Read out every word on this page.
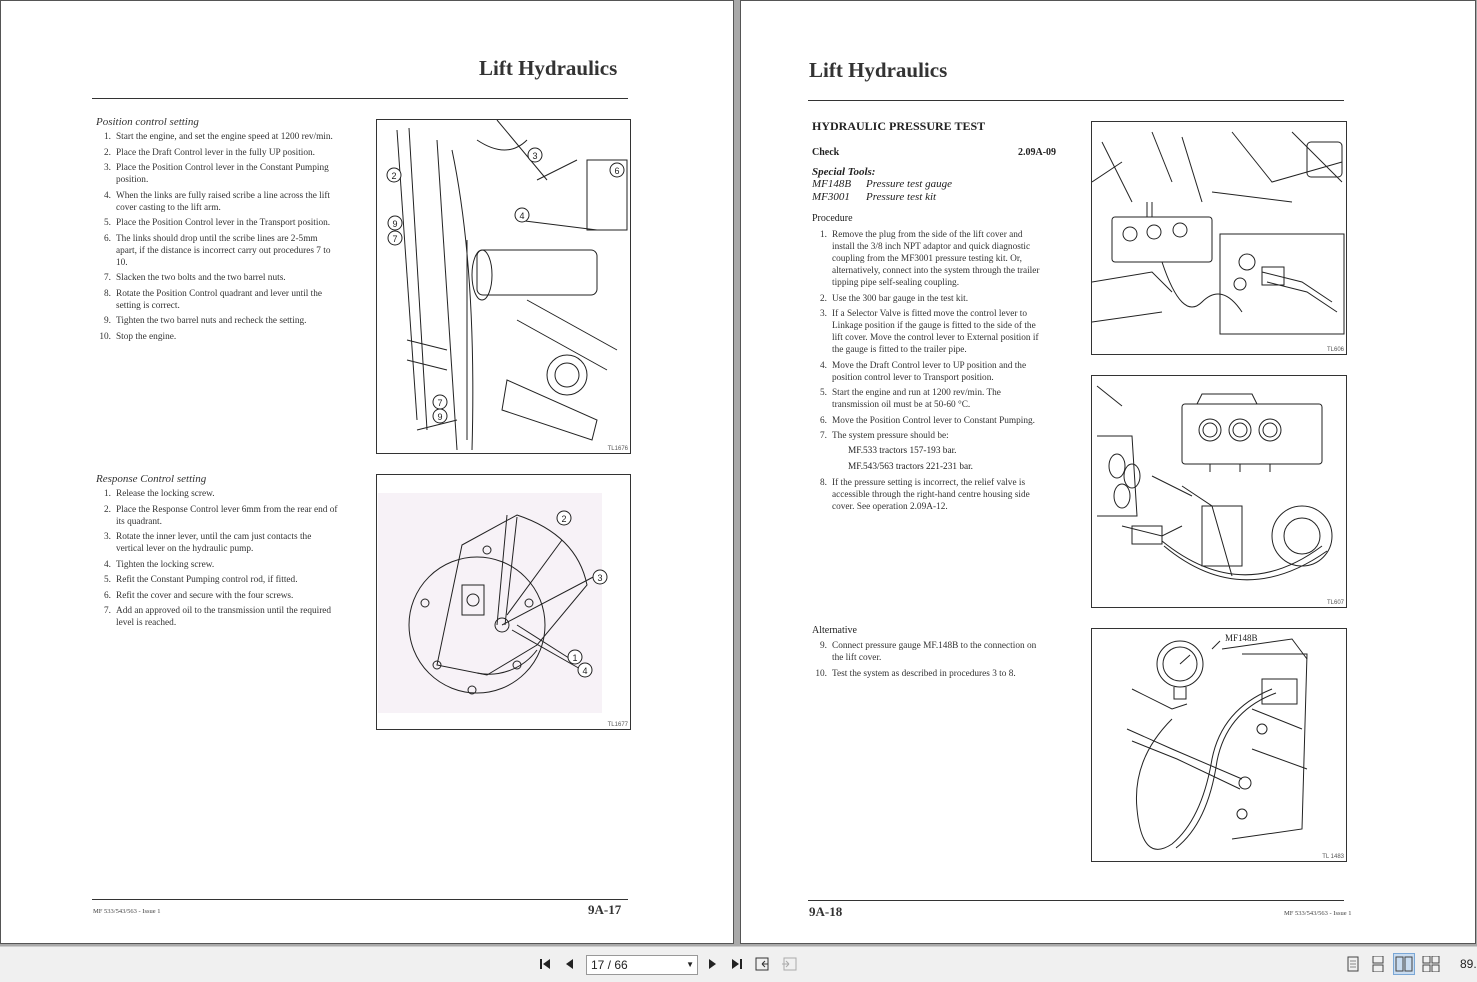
Lift Hydraulics
Position control setting
1. Start the engine, and set the engine speed at 1200 rev/min.
2. Place the Draft Control lever in the fully UP position.
3. Place the Position Control lever in the Constant Pumping position.
4. When the links are fully raised scribe a line across the lift cover casting to the lift arm.
5. Place the Position Control lever in the Transport position.
6. The links should drop until the scribe lines are 2-5mm apart, if the distance is incorrect carry out procedures 7 to 10.
7. Slacken the two bolts and the two barrel nuts.
8. Rotate the Position Control quadrant and lever until the setting is correct.
9. Tighten the two barrel nuts and recheck the setting.
10. Stop the engine.
Response Control setting
1. Release the locking screw.
2. Place the Response Control lever 6mm from the rear end of its quadrant.
3. Rotate the inner lever, until the cam just contacts the vertical lever on the hydraulic pump.
4. Tighten the locking screw.
5. Refit the Constant Pumping control rod, if fitted.
6. Refit the cover and secure with the four screws.
7. Add an approved oil to the transmission until the required level is reached.
2
3
6
4
9
7
7
9
TL1676
2
3
1
4
TL1677
MF 533/543/563 - Issue 1	9A-17
Lift Hydraulics
HYDRAULIC PRESSURE TEST
Check	2.09A-09
Special Tools:
MF148B Pressure test gauge
MF3001 Pressure test kit
Procedure
1. Remove the plug from the side of the lift cover and install the 3/8 inch NPT adaptor and quick diagnostic coupling from the MF3001 pressure testing kit. Or, alternatively, connect into the system through the trailer tipping pipe self-sealing coupling.
2. Use the 300 bar gauge in the test kit.
3. If a Selector Valve is fitted move the control lever to Linkage position if the gauge is fitted to the side of the lift cover. Move the control lever to External position if the gauge is fitted to the trailer pipe.
4. Move the Draft Control lever to UP position and the position control lever to Transport position.
5. Start the engine and run at 1200 rev/min. The transmission oil must be at 50-60 °C.
6. Move the Position Control lever to Constant Pumping.
7. The system pressure should be:
MF.533 tractors 157-193 bar.
MF.543/563 tractors 221-231 bar.
8. If the pressure setting is incorrect, the relief valve is accessible through the right-hand centre housing side cover. See operation 2.09A-12.
Alternative
9. Connect pressure gauge MF.148B to the connection on the lift cover.
10. Test the system as described in procedures 3 to 8.
TL606
TL607
MF148B
TL 1483
9A-18	MF 533/543/563 - Issue 1
17 / 66	▼	89.
